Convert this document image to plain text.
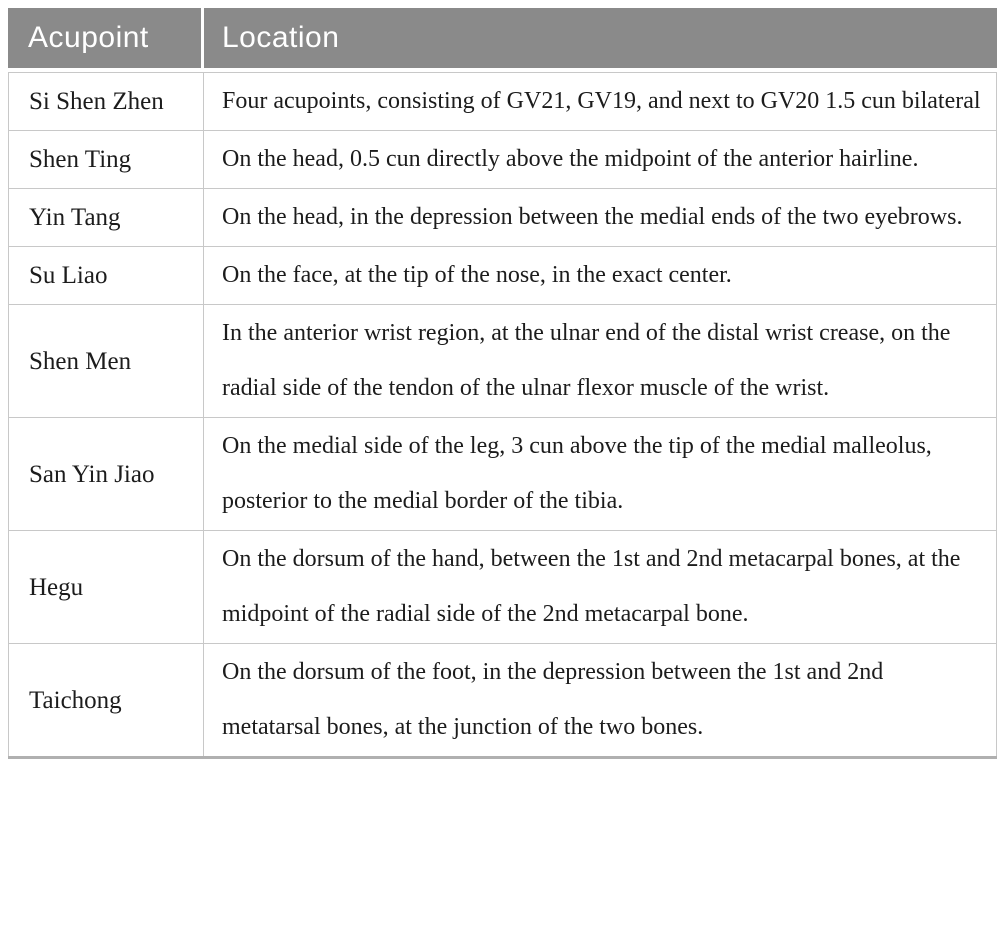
Acupoint	Location
Si Shen Zhen	Four acupoints, consisting of GV21, GV19, and next to GV20 1.5 cun bilateral
Shen Ting	On the head, 0.5 cun directly above the midpoint of the anterior hairline.
Yin Tang	On the head, in the depression between the medial ends of the two eyebrows.
Su Liao	On the face, at the tip of the nose, in the exact center.
Shen Men	In the anterior wrist region, at the ulnar end of the distal wrist crease, on the radial side of the tendon of the ulnar flexor muscle of the wrist.
San Yin Jiao	On the medial side of the leg, 3 cun above the tip of the medial malleolus, posterior to the medial border of the tibia.
Hegu	On the dorsum of the hand, between the 1st and 2nd metacarpal bones, at the midpoint of the radial side of the 2nd metacarpal bone.
Taichong	On the dorsum of the foot, in the depression between the 1st and 2nd metatarsal bones, at the junction of the two bones.
